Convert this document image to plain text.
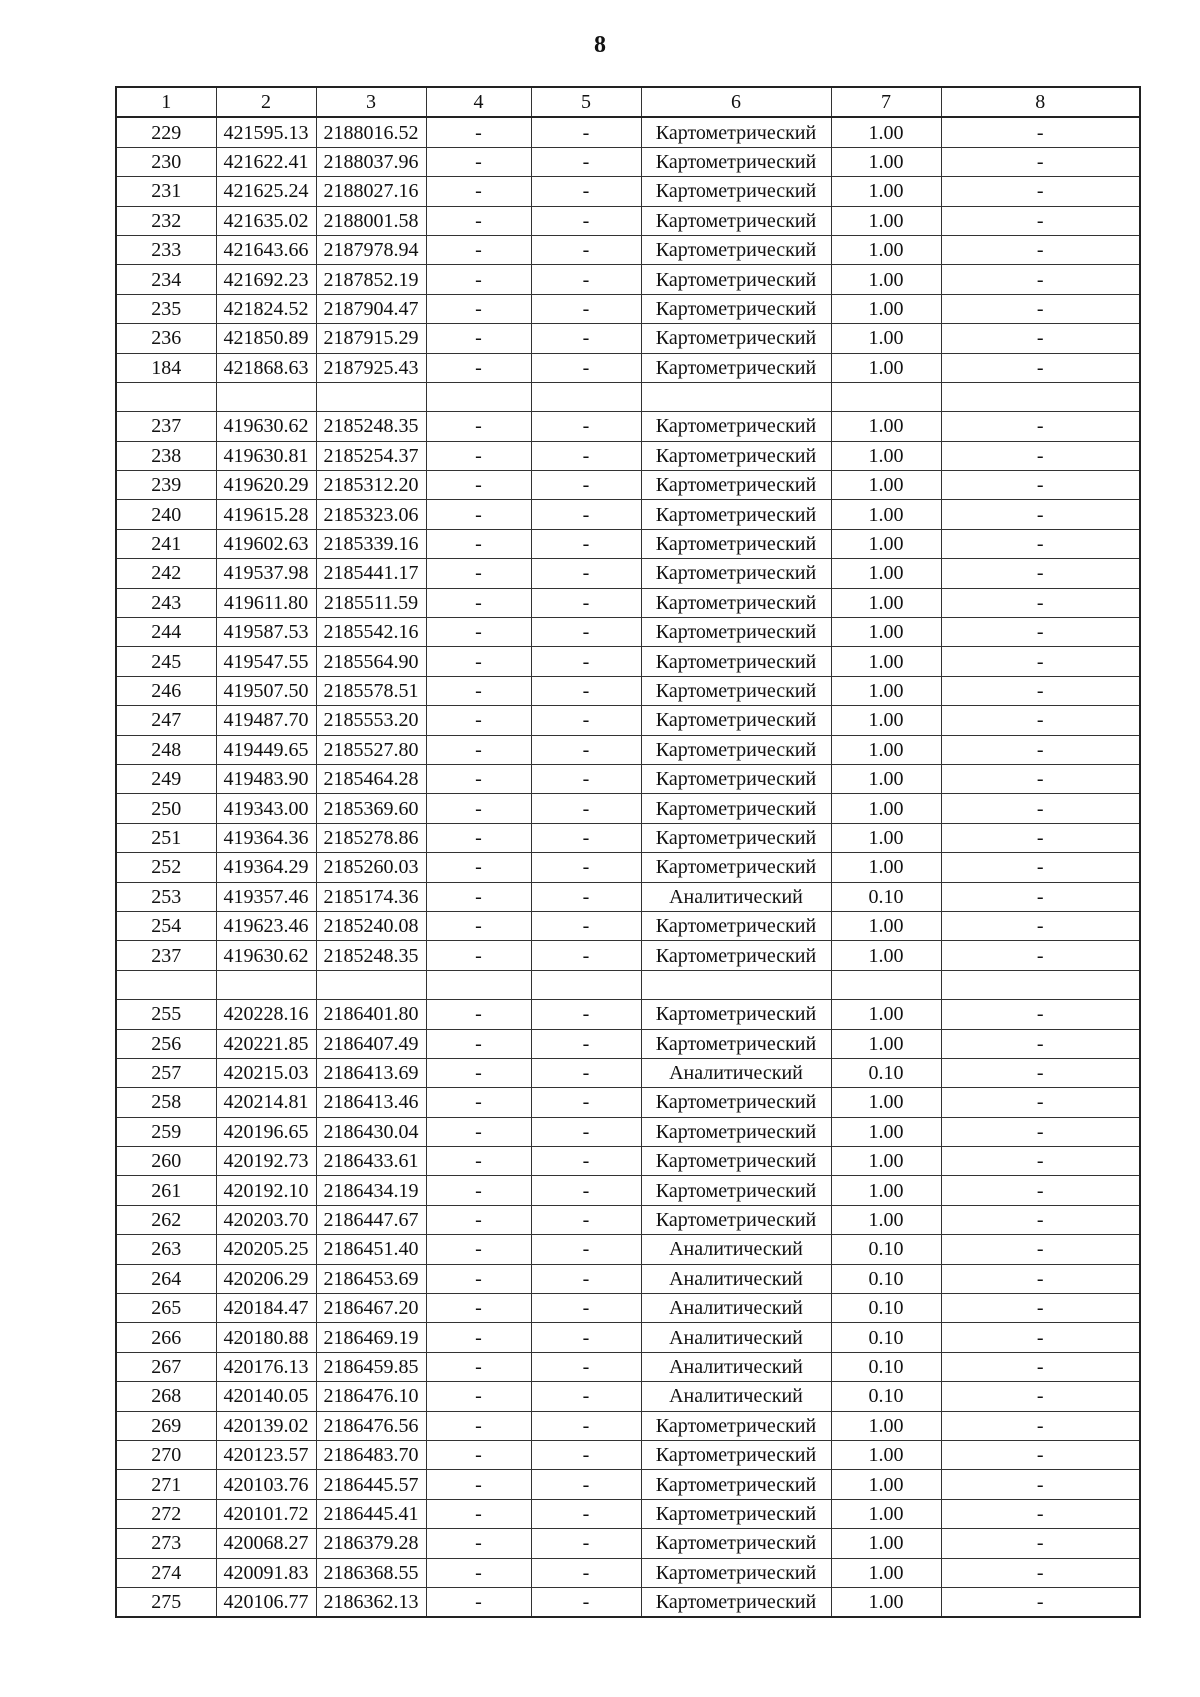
8
1	2	3	4	5	6	7	8
229	421595.13	2188016.52	-	-	Картометрический	1.00	-
230	421622.41	2188037.96	-	-	Картометрический	1.00	-
231	421625.24	2188027.16	-	-	Картометрический	1.00	-
232	421635.02	2188001.58	-	-	Картометрический	1.00	-
233	421643.66	2187978.94	-	-	Картометрический	1.00	-
234	421692.23	2187852.19	-	-	Картометрический	1.00	-
235	421824.52	2187904.47	-	-	Картометрический	1.00	-
236	421850.89	2187915.29	-	-	Картометрический	1.00	-
184	421868.63	2187925.43	-	-	Картометрический	1.00	-

237	419630.62	2185248.35	-	-	Картометрический	1.00	-
238	419630.81	2185254.37	-	-	Картометрический	1.00	-
239	419620.29	2185312.20	-	-	Картометрический	1.00	-
240	419615.28	2185323.06	-	-	Картометрический	1.00	-
241	419602.63	2185339.16	-	-	Картометрический	1.00	-
242	419537.98	2185441.17	-	-	Картометрический	1.00	-
243	419611.80	2185511.59	-	-	Картометрический	1.00	-
244	419587.53	2185542.16	-	-	Картометрический	1.00	-
245	419547.55	2185564.90	-	-	Картометрический	1.00	-
246	419507.50	2185578.51	-	-	Картометрический	1.00	-
247	419487.70	2185553.20	-	-	Картометрический	1.00	-
248	419449.65	2185527.80	-	-	Картометрический	1.00	-
249	419483.90	2185464.28	-	-	Картометрический	1.00	-
250	419343.00	2185369.60	-	-	Картометрический	1.00	-
251	419364.36	2185278.86	-	-	Картометрический	1.00	-
252	419364.29	2185260.03	-	-	Картометрический	1.00	-
253	419357.46	2185174.36	-	-	Аналитический	0.10	-
254	419623.46	2185240.08	-	-	Картометрический	1.00	-
237	419630.62	2185248.35	-	-	Картометрический	1.00	-

255	420228.16	2186401.80	-	-	Картометрический	1.00	-
256	420221.85	2186407.49	-	-	Картометрический	1.00	-
257	420215.03	2186413.69	-	-	Аналитический	0.10	-
258	420214.81	2186413.46	-	-	Картометрический	1.00	-
259	420196.65	2186430.04	-	-	Картометрический	1.00	-
260	420192.73	2186433.61	-	-	Картометрический	1.00	-
261	420192.10	2186434.19	-	-	Картометрический	1.00	-
262	420203.70	2186447.67	-	-	Картометрический	1.00	-
263	420205.25	2186451.40	-	-	Аналитический	0.10	-
264	420206.29	2186453.69	-	-	Аналитический	0.10	-
265	420184.47	2186467.20	-	-	Аналитический	0.10	-
266	420180.88	2186469.19	-	-	Аналитический	0.10	-
267	420176.13	2186459.85	-	-	Аналитический	0.10	-
268	420140.05	2186476.10	-	-	Аналитический	0.10	-
269	420139.02	2186476.56	-	-	Картометрический	1.00	-
270	420123.57	2186483.70	-	-	Картометрический	1.00	-
271	420103.76	2186445.57	-	-	Картометрический	1.00	-
272	420101.72	2186445.41	-	-	Картометрический	1.00	-
273	420068.27	2186379.28	-	-	Картометрический	1.00	-
274	420091.83	2186368.55	-	-	Картометрический	1.00	-
275	420106.77	2186362.13	-	-	Картометрический	1.00	-
